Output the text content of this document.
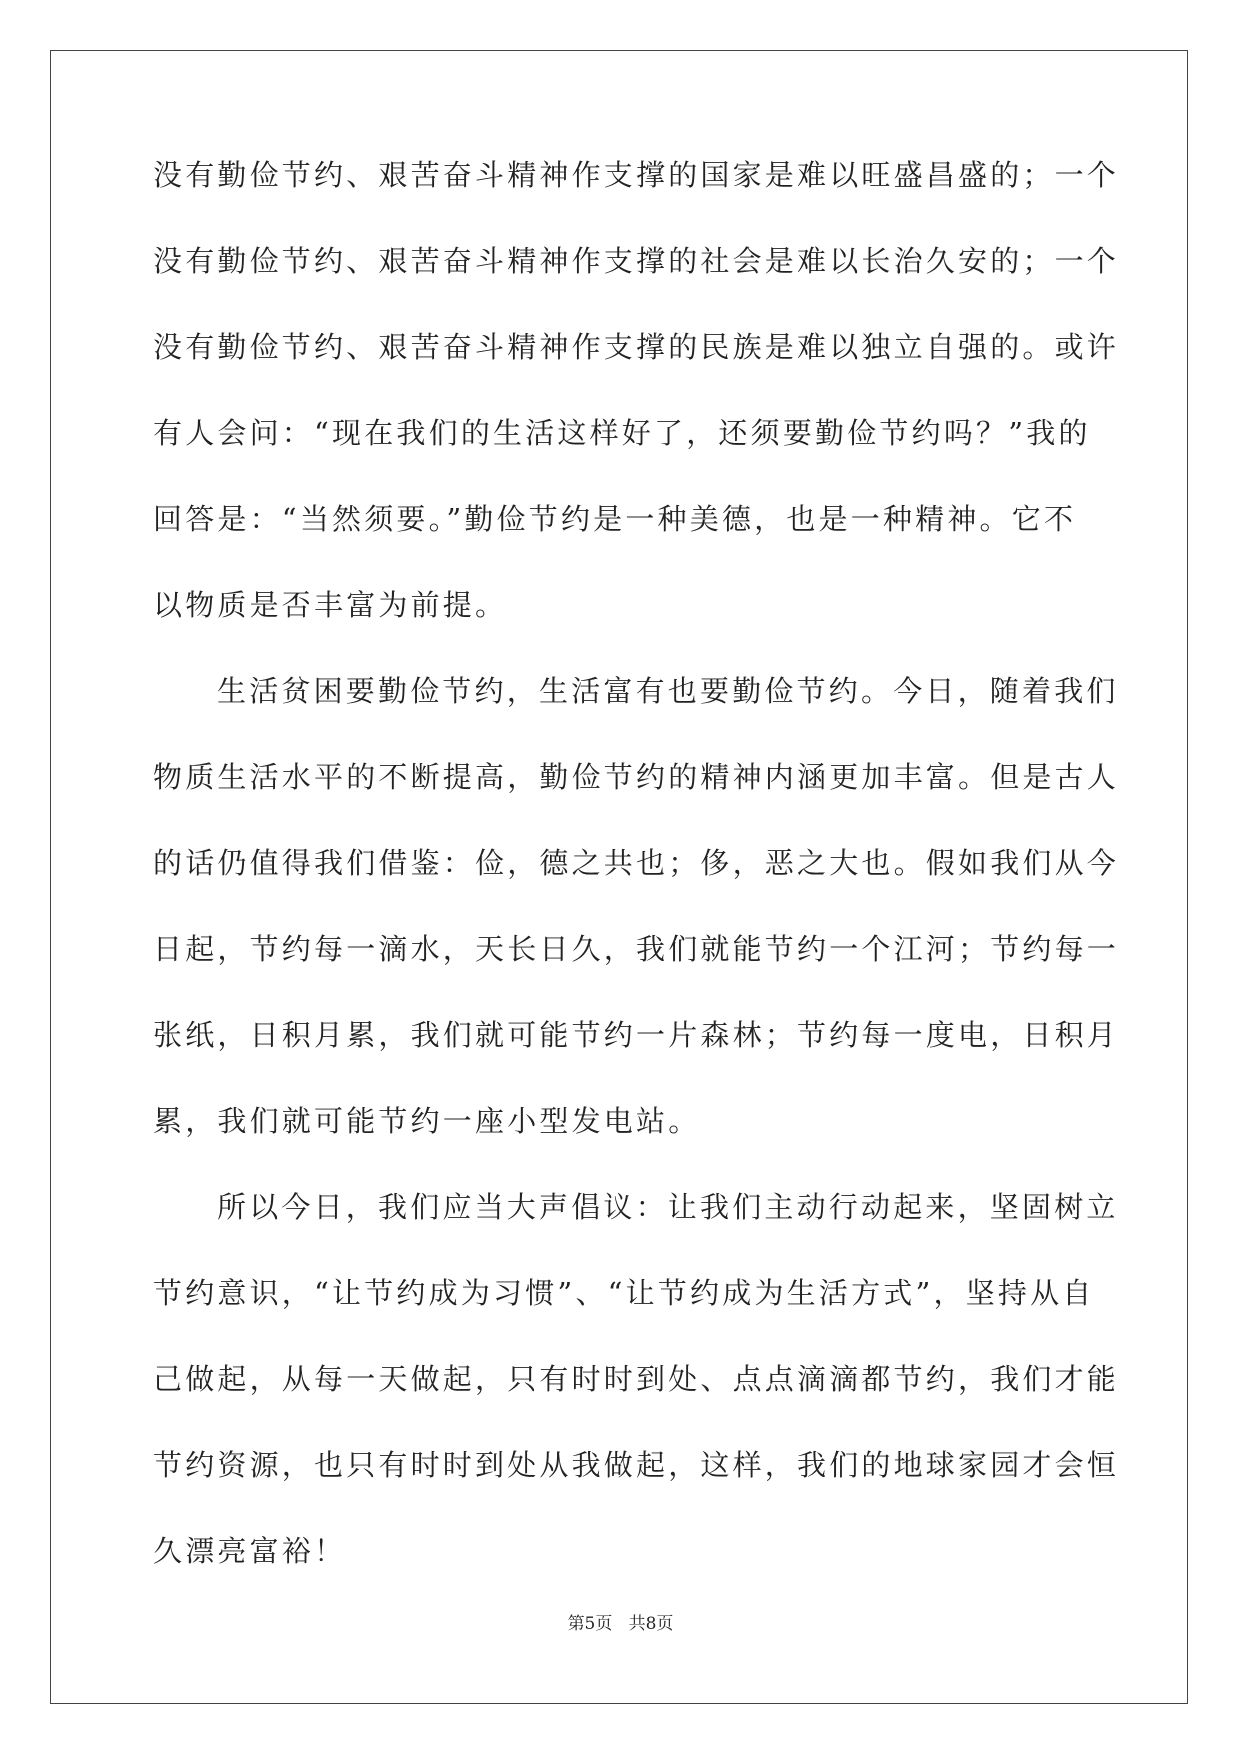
没有勤俭节约、艰苦奋斗精神作支撑的国家是难以旺盛昌盛的；一个
没有勤俭节约、艰苦奋斗精神作支撑的社会是难以长治久安的；一个
没有勤俭节约、艰苦奋斗精神作支撑的民族是难以独立自强的。或许
有人会问：“现在我们的生活这样好了，还须要勤俭节约吗？”我的
回答是：“当然须要。”勤俭节约是一种美德，也是一种精神。它不
以物质是否丰富为前提。
生活贫困要勤俭节约，生活富有也要勤俭节约。今日，随着我们
物质生活水平的不断提高，勤俭节约的精神内涵更加丰富。但是古人
的话仍值得我们借鉴：俭，德之共也；侈，恶之大也。假如我们从今
日起，节约每一滴水，天长日久，我们就能节约一个江河；节约每一
张纸，日积月累，我们就可能节约一片森林；节约每一度电，日积月
累，我们就可能节约一座小型发电站。
所以今日，我们应当大声倡议：让我们主动行动起来，坚固树立
节约意识，“让节约成为习惯”、“让节约成为生活方式”，坚持从自
己做起，从每一天做起，只有时时到处、点点滴滴都节约，我们才能
节约资源，也只有时时到处从我做起，这样，我们的地球家园才会恒
久漂亮富裕！
第5页 共8页
